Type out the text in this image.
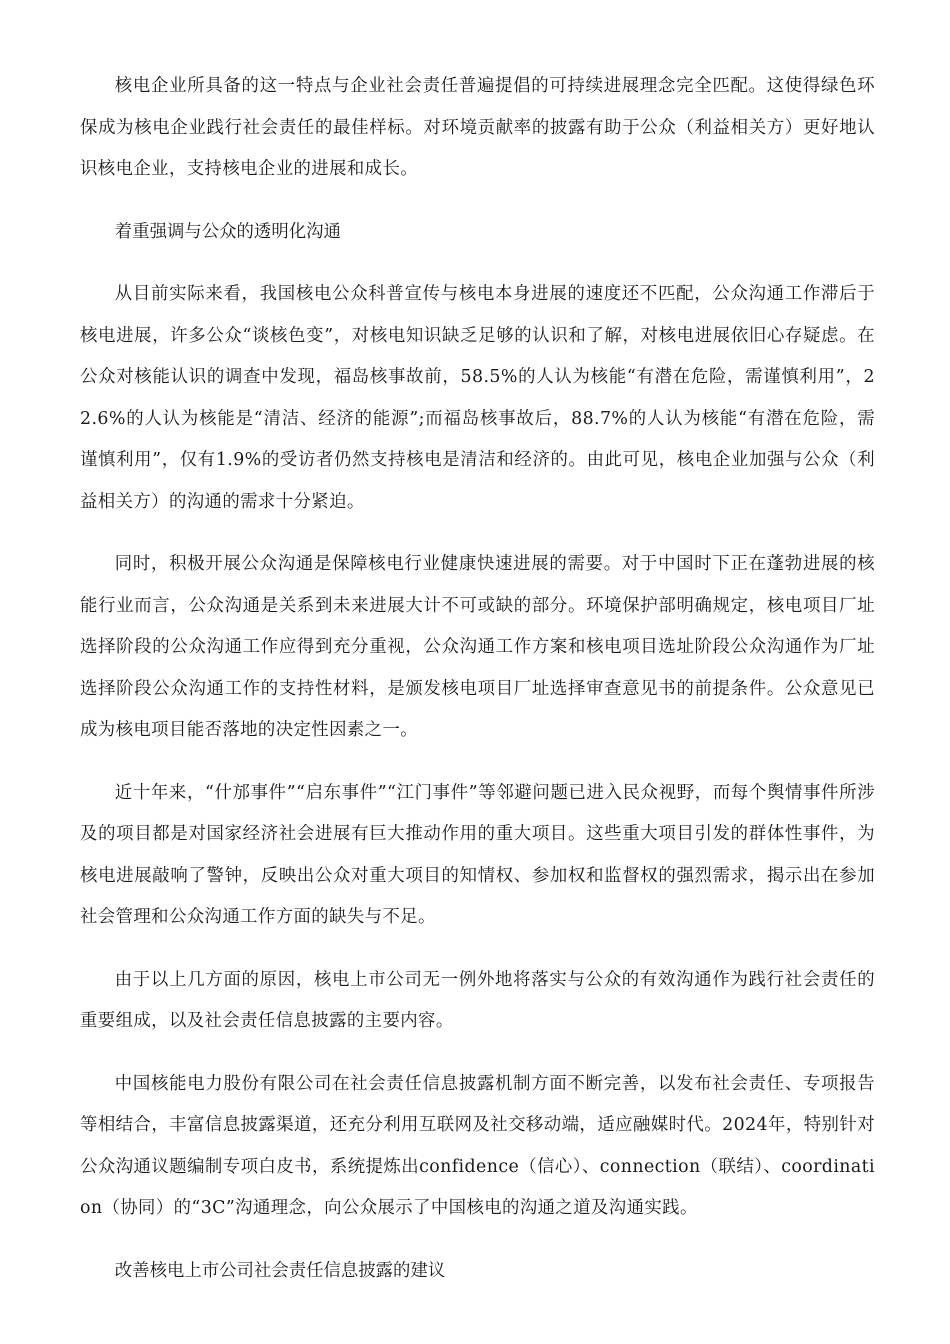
核电企业所具备的这一特点与企业社会责任普遍提倡的可持续进展理念完全匹配。这使得绿色环保成为核电企业践行社会责任的最佳样标。对环境贡献率的披露有助于公众（利益相关方）更好地认识核电企业，支持核电企业的进展和成长。

着重强调与公众的透明化沟通

从目前实际来看，我国核电公众科普宣传与核电本身进展的速度还不匹配，公众沟通工作滞后于核电进展，许多公众“谈核色变”，对核电知识缺乏足够的认识和了解，对核电进展依旧心存疑虑。在公众对核能认识的调查中发现，福岛核事故前，58.5%的人认为核能“有潜在危险，需谨慎利用”，22.6%的人认为核能是“清洁、经济的能源”;而福岛核事故后，88.7%的人认为核能“有潜在危险，需谨慎利用”，仅有1.9%的受访者仍然支持核电是清洁和经济的。由此可见，核电企业加强与公众（利益相关方）的沟通的需求十分紧迫。

同时，积极开展公众沟通是保障核电行业健康快速进展的需要。对于中国时下正在蓬勃进展的核能行业而言，公众沟通是关系到未来进展大计不可或缺的部分。环境保护部明确规定，核电项目厂址选择阶段的公众沟通工作应得到充分重视，公众沟通工作方案和核电项目选址阶段公众沟通作为厂址选择阶段公众沟通工作的支持性材料，是颁发核电项目厂址选择审查意见书的前提条件。公众意见已成为核电项目能否落地的决定性因素之一。

近十年来，“什邡事件”“启东事件”“江门事件”等邻避问题已进入民众视野，而每个舆情事件所涉及的项目都是对国家经济社会进展有巨大推动作用的重大项目。这些重大项目引发的群体性事件，为核电进展敲响了警钟，反映出公众对重大项目的知情权、参加权和监督权的强烈需求，揭示出在参加社会管理和公众沟通工作方面的缺失与不足。

由于以上几方面的原因，核电上市公司无一例外地将落实与公众的有效沟通作为践行社会责任的重要组成，以及社会责任信息披露的主要内容。

中国核能电力股份有限公司在社会责任信息披露机制方面不断完善，以发布社会责任、专项报告等相结合，丰富信息披露渠道，还充分利用互联网及社交移动端，适应融媒时代。2024年，特别针对公众沟通议题编制专项白皮书，系统提炼出confidence（信心）、connection（联结）、coordination（协同）的“3C”沟通理念，向公众展示了中国核电的沟通之道及沟通实践。

改善核电上市公司社会责任信息披露的建议
